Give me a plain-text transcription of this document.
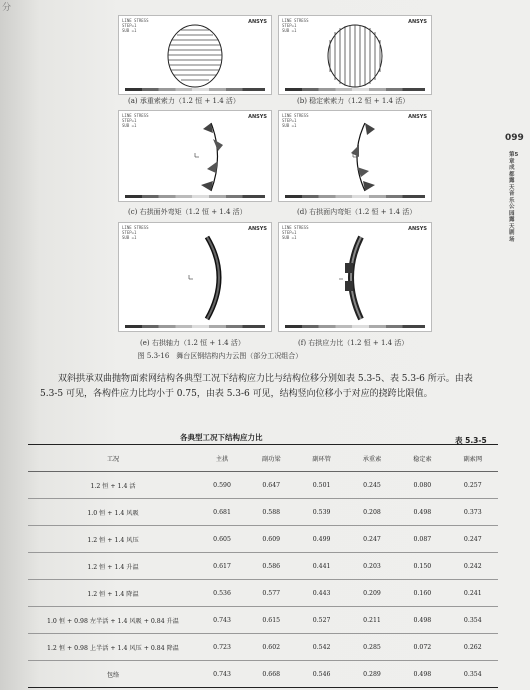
分
LINE STRESS
STEP=1
SUB =1
ANSYS
(a) 承重索索力（1.2 恒 + 1.4 活）
LINE STRESS
STEP=1
SUB =1
ANSYS
(b) 稳定索索力（1.2 恒 + 1.4 活）
LINE STRESS
STEP=1
SUB =1
ANSYS
(c) 右拱面外弯矩（1.2 恒 + 1.4 活）
LINE STRESS
STEP=1
SUB =1
ANSYS
(d) 右拱面内弯矩（1.2 恒 + 1.4 活）
LINE STRESS
STEP=1
SUB =1
ANSYS
(e) 右拱轴力（1.2 恒 + 1.4 活）
LINE STRESS
STEP=1
SUB =1
ANSYS
(f) 右拱应力比（1.2 恒 + 1.4 活）
图 5.3-16　舞台区钢结构内力云图（部分工况组合）
099
第5章 成都露天音乐公园露天剧场

双斜拱承双曲抛物面索网结构各典型工况下结构应力比与结构位移分别如表 5.3-5、表 5.3-6 所示。由表 5.3-5 可见，各构件应力比均小于 0.75，由表 5.3-6 可见，结构竖向位移小于对应的挠跨比限值。

各典型工况下结构应力比	表 5.3-5
工况	主拱	副功梁	副环管	承重索	稳定索	副索网
1.2 恒 + 1.4 活	0.590	0.647	0.501	0.245	0.080	0.257
1.0 恒 + 1.4 风吸	0.681	0.588	0.539	0.208	0.498	0.373
1.2 恒 + 1.4 风压	0.605	0.609	0.499	0.247	0.087	0.247
1.2 恒 + 1.4 升温	0.617	0.586	0.441	0.203	0.150	0.242
1.2 恒 + 1.4 降温	0.536	0.577	0.443	0.209	0.160	0.241
1.0 恒 + 0.98 左半活 + 1.4 风吸 + 0.84 升温	0.743	0.615	0.527	0.211	0.498	0.354
1.2 恒 + 0.98 上半活 + 1.4 风压 + 0.84 降温	0.723	0.602	0.542	0.285	0.072	0.262
包络	0.743	0.668	0.546	0.289	0.498	0.354
